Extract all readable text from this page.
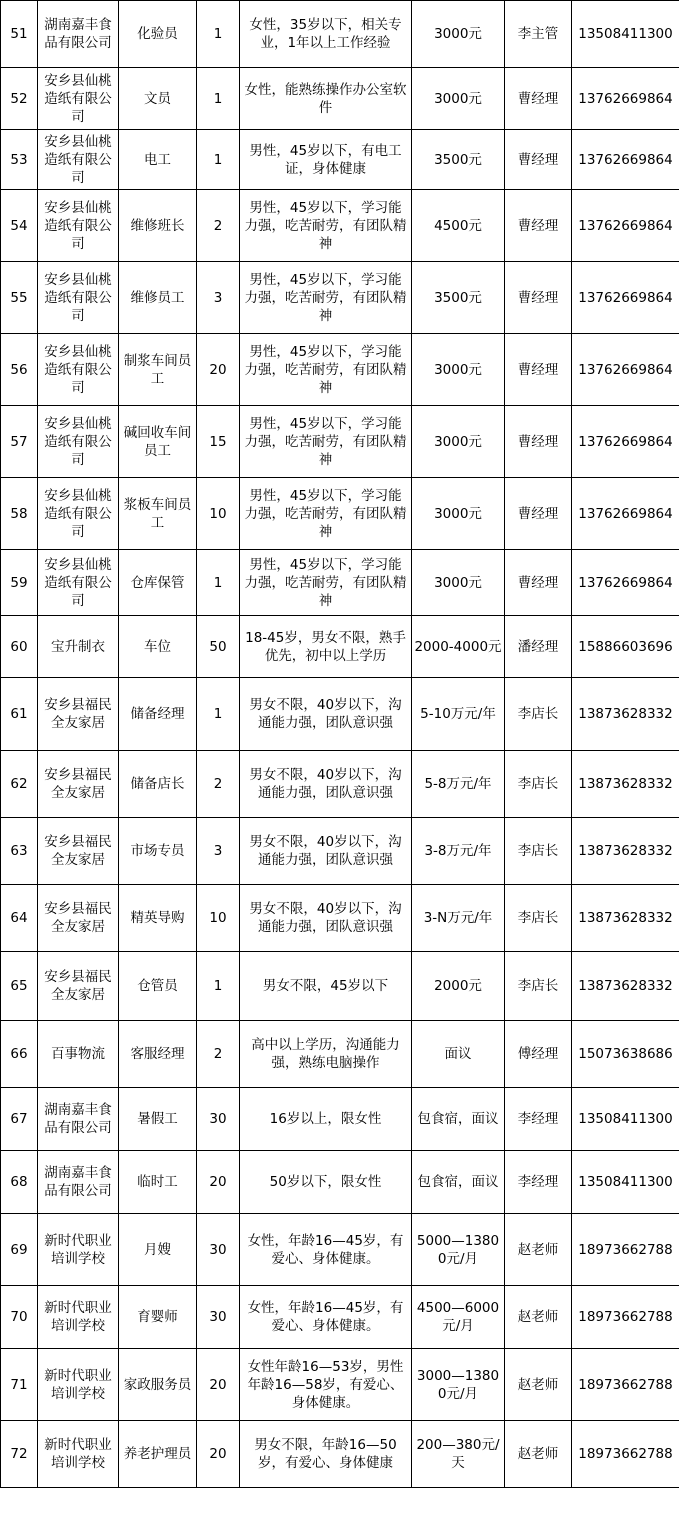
51	湖南嘉丰食品有限公司	化验员	1	女性，35岁以下，相关专业，1年以上工作经验	3000元	李主管	13508411300
52	安乡县仙桃造纸有限公司	文员	1	女性，能熟练操作办公室软件	3000元	曹经理	13762669864
53	安乡县仙桃造纸有限公司	电工	1	男性，45岁以下，有电工证，身体健康	3500元	曹经理	13762669864
54	安乡县仙桃造纸有限公司	维修班长	2	男性，45岁以下，学习能力强，吃苦耐劳，有团队精神	4500元	曹经理	13762669864
55	安乡县仙桃造纸有限公司	维修员工	3	男性，45岁以下，学习能力强，吃苦耐劳，有团队精神	3500元	曹经理	13762669864
56	安乡县仙桃造纸有限公司	制浆车间员工	20	男性，45岁以下，学习能力强，吃苦耐劳，有团队精神	3000元	曹经理	13762669864
57	安乡县仙桃造纸有限公司	碱回收车间员工	15	男性，45岁以下，学习能力强，吃苦耐劳，有团队精神	3000元	曹经理	13762669864
58	安乡县仙桃造纸有限公司	浆板车间员工	10	男性，45岁以下，学习能力强，吃苦耐劳，有团队精神	3000元	曹经理	13762669864
59	安乡县仙桃造纸有限公司	仓库保管	1	男性，45岁以下，学习能力强，吃苦耐劳，有团队精神	3000元	曹经理	13762669864
60	宝升制衣	车位	50	18-45岁，男女不限，熟手优先，初中以上学历	2000-4000元	潘经理	15886603696
61	安乡县福民全友家居	储备经理	1	男女不限，40岁以下，沟通能力强，团队意识强	5-10万元/年	李店长	13873628332
62	安乡县福民全友家居	储备店长	2	男女不限，40岁以下，沟通能力强，团队意识强	5-8万元/年	李店长	13873628332
63	安乡县福民全友家居	市场专员	3	男女不限，40岁以下，沟通能力强，团队意识强	3-8万元/年	李店长	13873628332
64	安乡县福民全友家居	精英导购	10	男女不限，40岁以下，沟通能力强，团队意识强	3-N万元/年	李店长	13873628332
65	安乡县福民全友家居	仓管员	1	男女不限，45岁以下	2000元	李店长	13873628332
66	百事物流	客服经理	2	高中以上学历，沟通能力强，熟练电脑操作	面议	傅经理	15073638686
67	湖南嘉丰食品有限公司	暑假工	30	16岁以上，限女性	包食宿，面议	李经理	13508411300
68	湖南嘉丰食品有限公司	临时工	20	50岁以下，限女性	包食宿，面议	李经理	13508411300
69	新时代职业培训学校	月嫂	30	女性，年龄16—45岁，有爱心、身体健康。	5000—13800元/月	赵老师	18973662788
70	新时代职业培训学校	育婴师	30	女性，年龄16—45岁，有爱心、身体健康。	4500—6000元/月	赵老师	18973662788
71	新时代职业培训学校	家政服务员	20	女性年龄16—53岁，男性年龄16—58岁，有爱心、身体健康。	3000—13800元/月	赵老师	18973662788
72	新时代职业培训学校	养老护理员	20	男女不限，年龄16—50岁，有爱心、身体健康	200—380元/天	赵老师	18973662788
